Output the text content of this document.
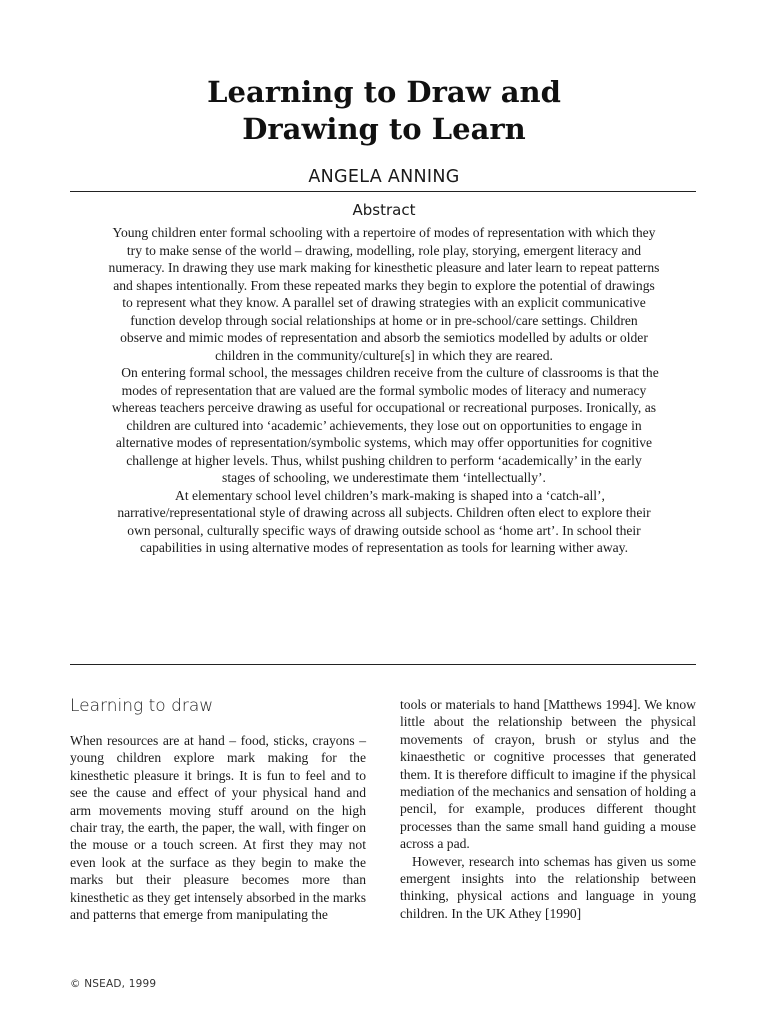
Learning to Draw and
Drawing to Learn
ANGELA ANNING
Abstract

Young children enter formal schooling with a repertoire of modes of representation with which they try to make sense of the world – drawing, modelling, role play, storying, emergent literacy and numeracy. In drawing they use mark making for kinesthetic pleasure and later learn to repeat patterns and shapes intentionally. From these repeated marks they begin to explore the potential of drawings to represent what they know. A parallel set of drawing strategies with an explicit communicative function develop through social relationships at home or in pre-school/care settings. Children observe and mimic modes of representation and absorb the semiotics modelled by adults or older children in the community/culture[s] in which they are reared.

On entering formal school, the messages children receive from the culture of classrooms is that the modes of representation that are valued are the formal symbolic modes of literacy and numeracy whereas teachers perceive drawing as useful for occupational or recreational purposes. Ironically, as children are cultured into ‘academic’ achievements, they lose out on opportunities to engage in alternative modes of representation/symbolic systems, which may offer opportunities for cognitive challenge at higher levels. Thus, whilst pushing children to perform ‘academically’ in the early stages of schooling, we underestimate them ‘intellectually’.

At elementary school level children’s mark-making is shaped into a ‘catch-all’, narrative/representational style of drawing across all subjects. Children often elect to explore their own personal, culturally specific ways of drawing outside school as ‘home art’. In school their capabilities in using alternative modes of representation as tools for learning wither away.

Learning to draw

When resources are at hand – food, sticks, crayons – young children explore mark making for the kinesthetic pleasure it brings. It is fun to feel and to see the cause and effect of your physical hand and arm movements moving stuff around on the high chair tray, the earth, the paper, the wall, with finger on the mouse or a touch screen. At first they may not even look at the surface as they begin to make the marks but their pleasure becomes more than kinesthetic as they get intensely absorbed in the marks and patterns that emerge from manipulating the

tools or materials to hand [Matthews 1994]. We know little about the relationship between the physical movements of crayon, brush or stylus and the kinaesthetic or cognitive processes that generated them. It is therefore difficult to imagine if the physical mediation of the mechanics and sensation of holding a pencil, for example, produces different thought processes than the same small hand guiding a mouse across a pad.

However, research into schemas has given us some emergent insights into the relationship between thinking, physical actions and language in young children. In the UK Athey [1990]

© NSEAD, 1999
